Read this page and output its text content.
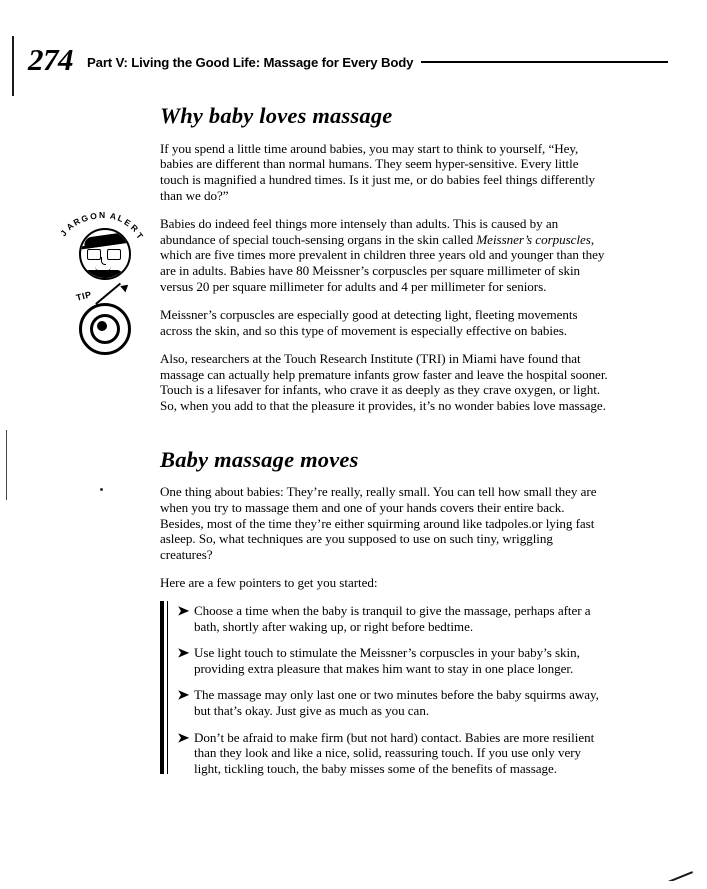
274	Part V: Living the Good Life: Massage for Every Body
Why baby loves massage

If you spend a little time around babies, you may start to think to yourself, “Hey, babies are different than normal humans. They seem hyper-sensitive. Every little touch is magnified a hundred times. Is it just me, or do babies feel things differently than we do?”

J
A
R
G O N A
L
E
R
T

Babies do indeed feel things more intensely than adults. This is caused by an abundance of special touch-sensing organs in the skin called Meissner’s corpuscles, which are five times more prevalent in children three years old and younger than they are in adults. Babies have 80 Meissner’s corpuscles per square millimeter of skin versus 20 per square millimeter for adults and 4 per millimeter for seniors.

TIP

Meissner’s corpuscles are especially good at detecting light, fleeting movements across the skin, and so this type of movement is especially effective on babies.

Also, researchers at the Touch Research Institute (TRI) in Miami have found that massage can actually help premature infants grow faster and leave the hospital sooner. Touch is a lifesaver for infants, who crave it as deeply as they crave oxygen, or light. So, when you add to that the pleasure it provides, it’s no wonder babies love massage.

Baby massage moves

One thing about babies: They’re really, really small. You can tell how small they are when you try to massage them and one of your hands covers their entire back. Besides, most of the time they’re either squirming around like tadpoles.or lying fast asleep. So, what techniques are you supposed to use on such tiny, wriggling creatures?

Here are a few pointers to get you started:

➤ Choose a time when the baby is tranquil to give the massage, perhaps after a bath, shortly after waking up, or right before bedtime.
➤ Use light touch to stimulate the Meissner’s corpuscles in your baby’s skin, providing extra pleasure that makes him want to stay in one place longer.
➤ The massage may only last one or two minutes before the baby squirms away, but that’s okay. Just give as much as you can.
➤ Don’t be afraid to make firm (but not hard) contact. Babies are more resilient than they look and like a nice, solid, reassuring touch. If you use only very light, tickling touch, the baby misses some of the benefits of massage.
